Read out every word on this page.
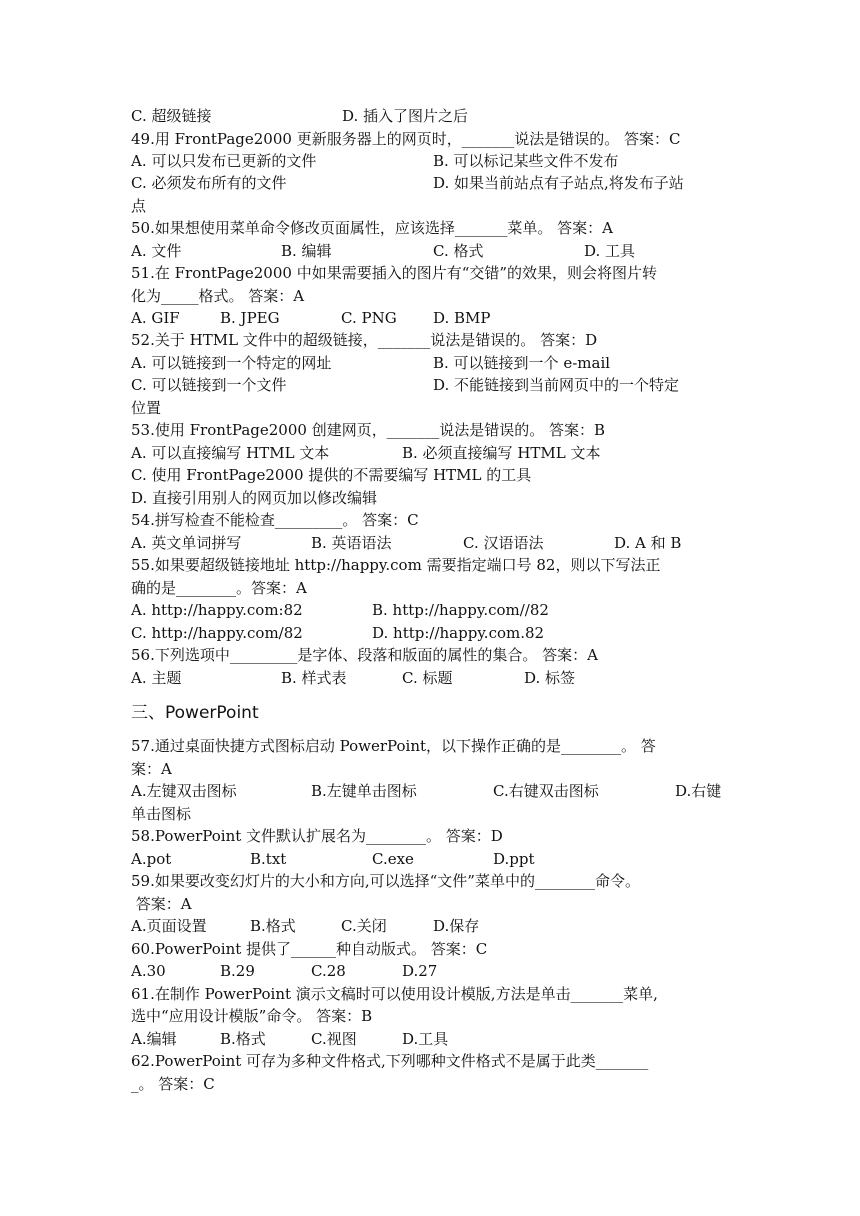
C. 超级链接	D. 插入了图片之后
49.用 FrontPage2000 更新服务器上的网页时，_______说法是错误的。 答案：C
A. 可以只发布已更新的文件	B. 可以标记某些文件不发布
C. 必须发布所有的文件	D. 如果当前站点有子站点,将发布子站
点
50.如果想使用菜单命令修改页面属性，应该选择_______菜单。 答案：A
A. 文件	B. 编辑	C. 格式	D. 工具
51.在 FrontPage2000 中如果需要插入的图片有“交错”的效果，则会将图片转
化为_____格式。 答案：A
A. GIF	B. JPEG	C. PNG D. BMP
52.关于 HTML 文件中的超级链接，_______说法是错误的。 答案：D
A. 可以链接到一个特定的网址	B. 可以链接到一个 e-mail
C. 可以链接到一个文件	D. 不能链接到当前网页中的一个特定
位置
53.使用 FrontPage2000 创建网页，_______说法是错误的。 答案：B
A. 可以直接编写 HTML 文本	B. 必须直接编写 HTML 文本
C. 使用 FrontPage2000 提供的不需要编写 HTML 的工具
D. 直接引用别人的网页加以修改编辑
54.拼写检查不能检查_________。 答案：C
A. 英文单词拼写	B. 英语语法	C. 汉语语法	D. A 和 B
55.如果要超级链接地址 http://happy.com 需要指定端口号 82，则以下写法正
确的是________。答案：A
A. http://happy.com:82	B. http://happy.com//82
C. http://happy.com/82	D. http://happy.com.82
56.下列选项中_________是字体、段落和版面的属性的集合。 答案：A
A. 主题	B. 样式表	C. 标题	D. 标签
三、PowerPoint
57.通过桌面快捷方式图标启动 PowerPoint，以下操作正确的是________。 答
案：A
A.左键双击图标	B.左键单击图标	C.右键双击图标	D.右键
单击图标
58.PowerPoint 文件默认扩展名为________。 答案：D
A.pot	B.txt	C.exe	D.ppt
59.如果要改变幻灯片的大小和方向,可以选择“文件”菜单中的________命令。
答案：A
A.页面设置	B.格式	C.关闭	D.保存
60.PowerPoint 提供了______种自动版式。 答案：C
A.30	B.29	C.28	D.27
61.在制作 PowerPoint 演示文稿时可以使用设计模版,方法是单击_______菜单,
选中“应用设计模版”命令。 答案：B
A.编辑	B.格式	C.视图	D.工具
62.PowerPoint 可存为多种文件格式,下列哪种文件格式不是属于此类_______
_。 答案：C
